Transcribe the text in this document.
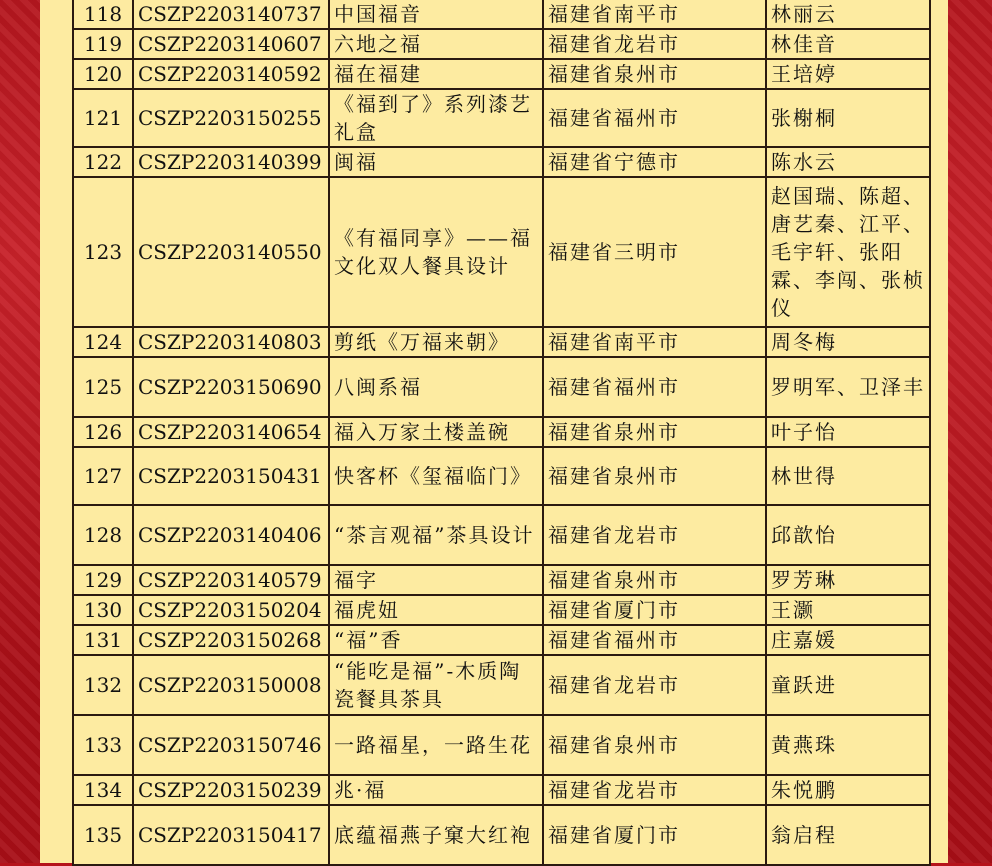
118	CSZP2203140737	中国福音	福建省南平市	林丽云
119	CSZP2203140607	六地之福	福建省龙岩市	林佳音
120	CSZP2203140592	福在福建	福建省泉州市	王培婷
121	CSZP2203150255	《福到了》系列漆艺礼盒	福建省福州市	张榭桐
122	CSZP2203140399	闽福	福建省宁德市	陈水云
123	CSZP2203140550	《有福同享》——福文化双人餐具设计	福建省三明市	赵国瑞、陈超、唐艺秦、江平、毛宇轩、张阳霖、李闯、张桢仪
124	CSZP2203140803	剪纸《万福来朝》	福建省南平市	周冬梅
125	CSZP2203150690	八闽系福	福建省福州市	罗明军、卫泽丰
126	CSZP2203140654	福入万家土楼盖碗	福建省泉州市	叶子怡
127	CSZP2203150431	快客杯《玺福临门》	福建省泉州市	林世得
128	CSZP2203140406	“茶言观福”茶具设计	福建省龙岩市	邱歆怡
129	CSZP2203140579	福字	福建省泉州市	罗芳琳
130	CSZP2203150204	福虎妞	福建省厦门市	王灏
131	CSZP2203150268	“福”香	福建省福州市	庄嘉媛
132	CSZP2203150008	“能吃是福”-木质陶瓷餐具茶具	福建省龙岩市	童跃进
133	CSZP2203150746	一路福星，一路生花	福建省泉州市	黄燕珠
134	CSZP2203150239	兆·福	福建省龙岩市	朱悦鹏
135	CSZP2203150417	底蕴福燕子窠大红袍	福建省厦门市	翁启程
